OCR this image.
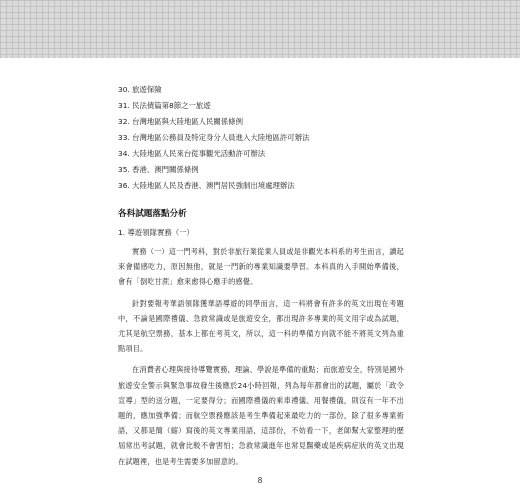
30. 旅遊保險
31. 民法債篇第8節之一旅遊
32. 台灣地區與大陸地區人民關係條例
33. 台灣地區公務員及特定身分人員進入大陸地區許可辦法
34. 大陸地區人民來台從事觀光活動許可辦法
35. 香港、澳門關係條例
36. 大陸地區人民及香港、澳門居民強制出境處理辦法
各科試題落點分析
1. 導遊領隊實務（一）

實務（一）這一門考科，對於非旅行業從業人員或是非觀光本科系的考生而言，讀起來會備感吃力，原因無他，就是一門新的專業知識要學習。本科真的入手開始準備後，會有「倒吃甘蔗」愈來愈得心應手的感覺。

針對要報考華語領隊獲華語導遊的同學而言，這一科將會有許多的英文出現在考題中，不論是國際禮儀、急救常識或是旅遊安全，都出現許多專業的英文用字或為試題，尤其是航空票務，基本上都在考英文，所以，這一科的準備方向就不能不將英文列為重點項目。

在消費者心理與接待導覽實務，理論、學說是準備的重點；而旅遊安全，特別是國外旅遊安全警示與緊急事故發生後應於24小時回報，列為每年都會出的試題，屬於「政令宣導」型的送分題，一定要得分；而國際禮儀的乘車禮儀、用餐禮儀，則沒有一年不出題的，應加強準備；而航空票務應該是考生準備起來最吃力的一部份，除了很多專業術語，又都是簡（縮）寫後的英文專業用語，這部份，不妨看一下，老師幫大家整理的歷屆常出考試題，就會比較不會害怕；急救常識進年也常見醫藥或是疾病症狀的英文出現在試題裡，也是考生需要多加留意的。

8
